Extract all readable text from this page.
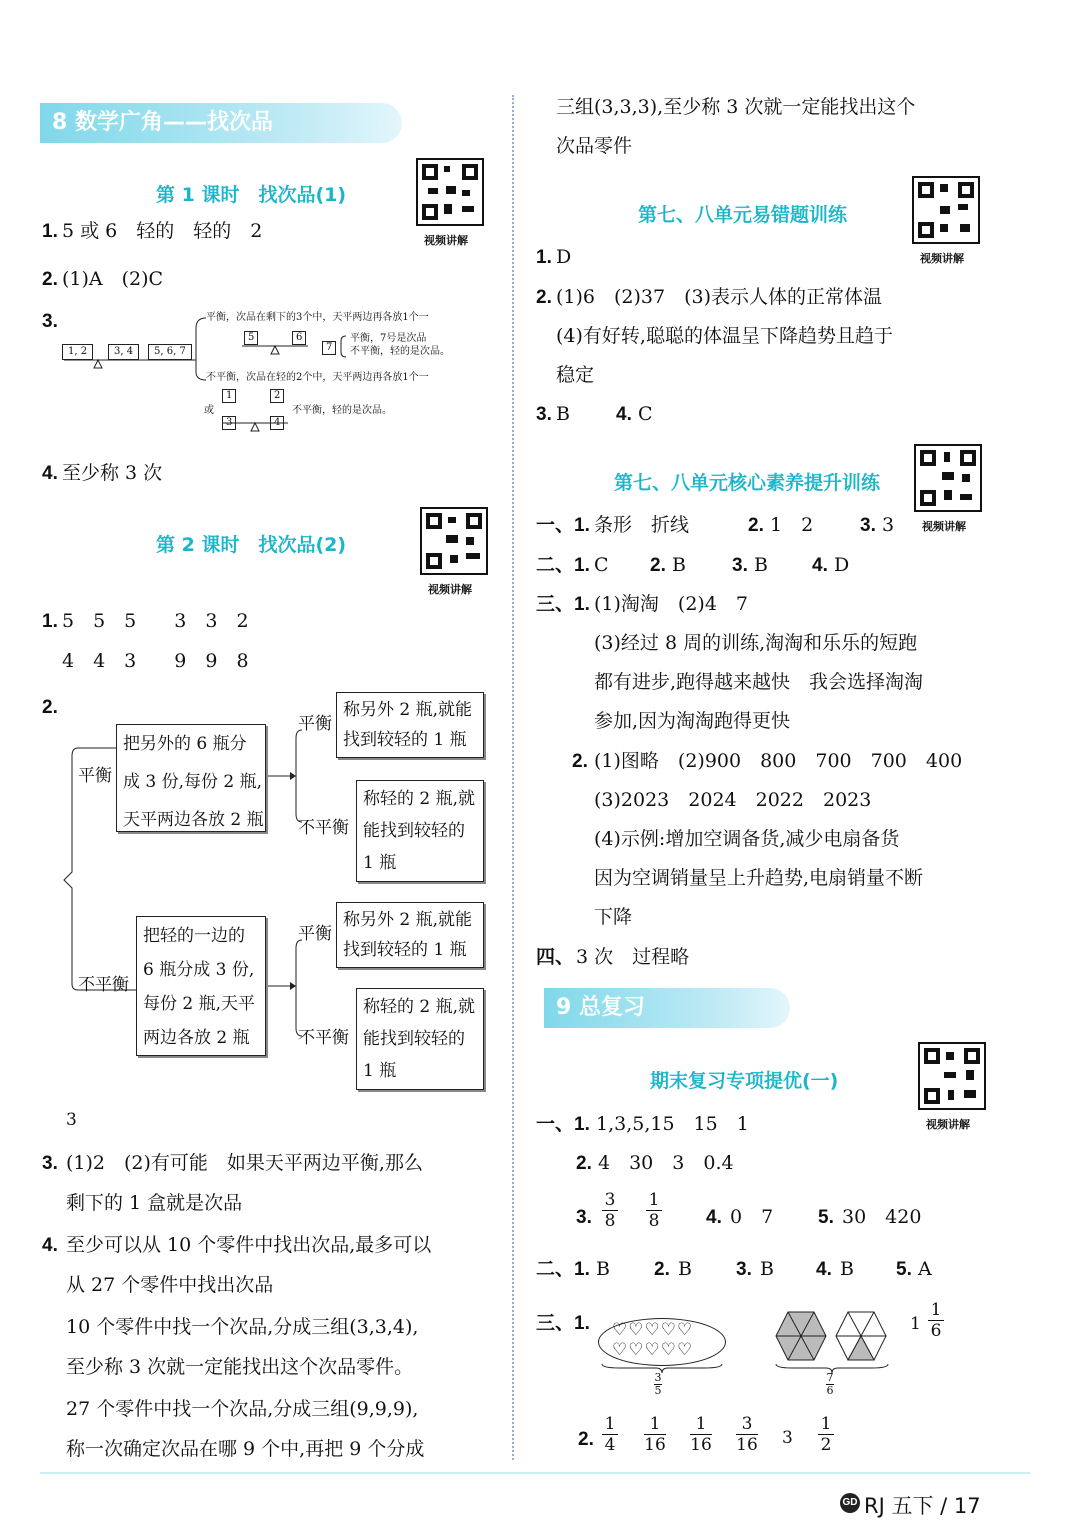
8 数学广角——找次品
第 1 课时　找次品(1)
视频讲解
1. 5 或 6　轻的　轻的　2
2. (1)A　(2)C
3.
1, 2	3, 4	5, 6, 7
平衡，次品在剩下的3个中，天平两边再各放1个一
5	6
7
平衡，7号是次品
不平衡，轻的是次品。
不平衡，次品在轻的2个中，天平两边再各放1个一
1	2
或
3	4
不平衡，轻的是次品。
4. 至少称 3 次
第 2 课时　找次品(2)
视频讲解
1. 5　5　5　　3　3　2
4　4　3　　9　9　8
2.
平衡
不平衡
把另外的 6 瓶分
成 3 份,每份 2 瓶,
天平两边各放 2 瓶
平衡
不平衡
称另外 2 瓶,就能
找到较轻的 1 瓶
称轻的 2 瓶,就
能找到较轻的
1 瓶
把轻的一边的
6 瓶分成 3 份,
每份 2 瓶,天平
两边各放 2 瓶
平衡
不平衡
称另外 2 瓶,就能
找到较轻的 1 瓶
称轻的 2 瓶,就
能找到较轻的
1 瓶
3
3. (1)2　(2)有可能　如果天平两边平衡,那么
剩下的 1 盒就是次品
4. 至少可以从 10 个零件中找出次品,最多可以
从 27 个零件中找出次品
10 个零件中找一个次品,分成三组(3,3,4),
至少称 3 次就一定能找出这个次品零件。
27 个零件中找一个次品,分成三组(9,9,9),
称一次确定次品在哪 9 个中,再把 9 个分成
三组(3,3,3),至少称 3 次就一定能找出这个
次品零件
第七、八单元易错题训练
视频讲解
1. D
2. (1)6　(2)37　(3)表示人体的正常体温
(4)有好转,聪聪的体温呈下降趋势且趋于
稳定
3. B 4. C
第七、八单元核心素养提升训练
视频讲解
一、1. 条形　折线	2. 1　2 3. 3
二、1. C 2. B 3. B 4. D
三、1. (1)淘淘　(2)4　7
(3)经过 8 周的训练,淘淘和乐乐的短跑
都有进步,跑得越来越快　我会选择淘淘
参加,因为淘淘跑得更快
2. (1)图略　(2)900　800　700　700　400
(3)2023　2024　2022　2023
(4)示例:增加空调备货,减少电扇备货
因为空调销量呈上升趋势,电扇销量不断
下降
四、 3 次　过程略
9 总复习
期末复习专项提优(一)
视频讲解
一、1. 1,3,5,15　15　1
2. 4　30　3　0.4
3.
3
8
1
8 4. 0　7 5. 30　420
二、1. B 2. B 3. B 4. B 5. A
三、1. ♡♡♡♡♡ ♡♡♡♡♡
3
5
7
6
1
1
6
2.
1
4
1
16
1
16
3
16 3
1
2
GD RJ 五下 / 17
